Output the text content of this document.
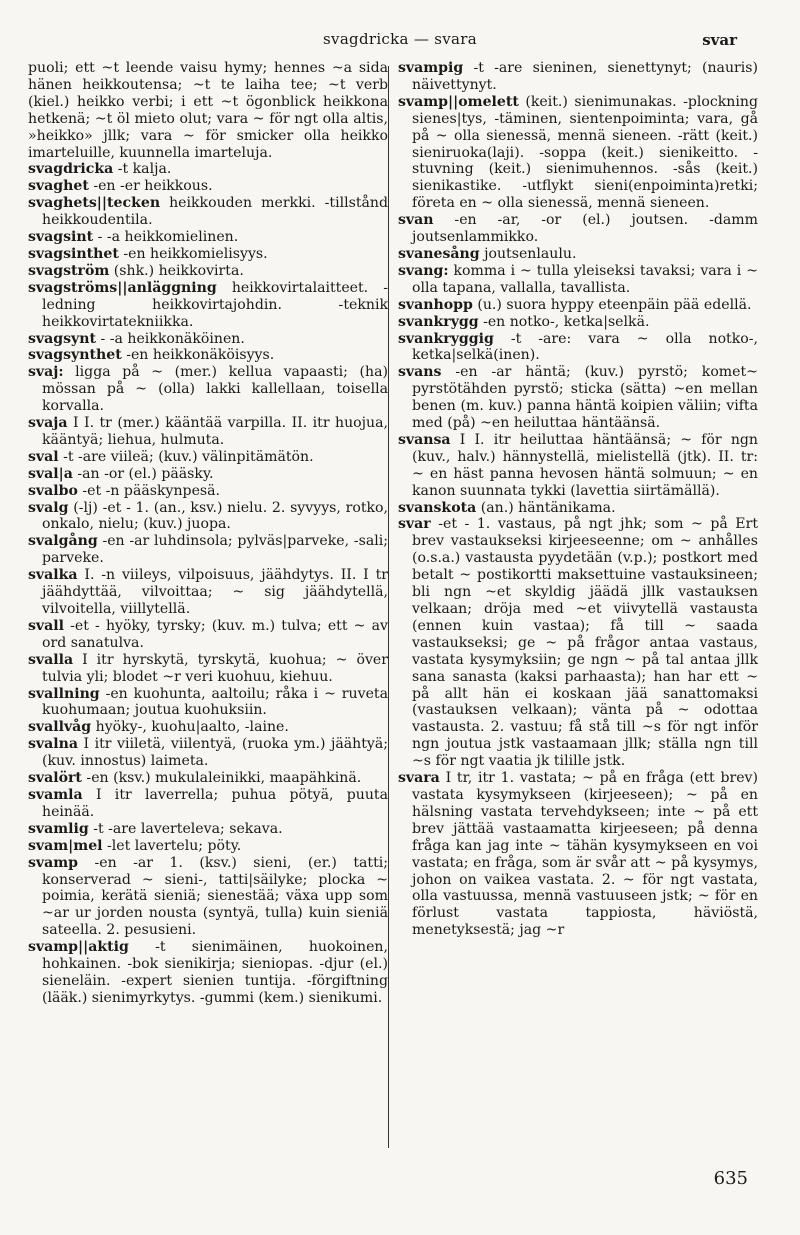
svagdricka — svara	svar

puoli; ett ~t leende vaisu hymy; hennes ~a sida hänen heikkoutensa; ~t te laiha tee; ~t verb (kiel.) heikko verbi; i ett ~t ögonblick heikkona hetkenä; ~t öl mieto olut; vara ~ för ngt olla altis, »heikko» jllk; vara ~ för smicker olla heikko imarteluille, kuunnella imarteluja.

svagdricka -t kalja.

svaghet -en -er heikkous.

svaghets||tecken heikkouden merkki. -tillstånd heikkoudentila.

svagsint - -a heikkomielinen.

svagsinthet -en heikkomielisyys.

svagström (shk.) heikkovirta.

svagströms||anläggning heikkovirtalaitteet. -ledning heikkovirtajohdin. -teknik heikkovirtatekniikka.

svagsynt - -a heikkonäköinen.

svagsynthet -en heikkonäköisyys.

svaj: ligga på ~ (mer.) kellua vapaasti; (ha) mössan på ~ (olla) lakki kallellaan, toisella korvalla.

svaja I I. tr (mer.) kääntää varpilla. II. itr huojua, kääntyä; liehua, hulmuta.

sval -t -are viileä; (kuv.) välinpitämätön.

sval|a -an -or (el.) pääsky.

svalbo -et -n pääskynpesä.

svalg (-lj) -et - 1. (an., ksv.) nielu. 2. syvyys, rotko, onkalo, nielu; (kuv.) juopa.

svalgång -en -ar luhdinsola; pylväs|parveke, -sali; parveke.

svalka I. -n viileys, vilpoisuus, jäähdytys. II. I tr jäähdyttää, vilvoittaa; ~ sig jäähdytellä, vilvoitella, viillytellä.

svall -et - hyöky, tyrsky; (kuv. m.) tulva; ett ~ av ord sanatulva.

svalla I itr hyrskytä, tyrskytä, kuohua; ~ över tulvia yli; blodet ~r veri kuohuu, kiehuu.

svallning -en kuohunta, aaltoilu; råka i ~ ruveta kuohumaan; joutua kuohuksiin.

svallvåg hyöky-, kuohu|aalto, -laine.

svalna I itr viiletä, viilentyä, (ruoka ym.) jäähtyä; (kuv. innostus) laimeta.

svalört -en (ksv.) mukulaleinikki, maapähkinä.

svamla I itr laverrella; puhua pötyä, puuta heinää.

svamlig -t -are laverteleva; sekava.

svam|mel -let lavertelu; pöty.

svamp -en -ar 1. (ksv.) sieni, (er.) tatti; konserverad ~ sieni-, tatti|säilyke; plocka ~ poimia, kerätä sieniä; sienestää; växa upp som ~ar ur jorden nousta (syntyä, tulla) kuin sieniä sateella. 2. pesusieni.

svamp||aktig -t sienimäinen, huokoinen, hohkainen. -bok sienikirja; sieniopas. -djur (el.) sieneläin. -expert sienien tuntija. -förgiftning (lääk.) sienimyrkytys. -gummi (kem.) sienikumi.

svampig -t -are sieninen, sienettynyt; (nauris) näivettynyt.

svamp||omelett (keit.) sienimunakas. -plockning sienes|tys, -täminen, sientenpoiminta; vara, gå på ~ olla sienessä, mennä sieneen. -rätt (keit.) sieniruoka(laji). -soppa (keit.) sienikeitto. -stuvning (keit.) sienimuhennos. -sås (keit.) sienikastike. -utflykt sieni(enpoiminta)retki; företa en ~ olla sienessä, mennä sieneen.

svan -en -ar, -or (el.) joutsen. -damm joutsenlammikko.

svanesång joutsenlaulu.

svang: komma i ~ tulla yleiseksi tavaksi; vara i ~ olla tapana, vallalla, tavallista.

svanhopp (u.) suora hyppy eteenpäin pää edellä.

svankrygg -en notko-, ketka|selkä.

svankryggig -t -are: vara ~ olla notko-, ketka|selkä(inen).

svans -en -ar häntä; (kuv.) pyrstö; komet~ pyrstötähden pyrstö; sticka (sätta) ~en mellan benen (m. kuv.) panna häntä koipien väliin; vifta med (på) ~en heiluttaa häntäänsä.

svansa I I. itr heiluttaa häntäänsä; ~ för ngn (kuv., halv.) hännystellä, mielistellä (jtk). II. tr: ~ en häst panna hevosen häntä solmuun; ~ en kanon suunnata tykki (lavettia siirtämällä).

svanskota (an.) häntänikama.

svar -et - 1. vastaus, på ngt jhk; som ~ på Ert brev vastaukseksi kirjeeseenne; om ~ anhålles (o.s.a.) vastausta pyydetään (v.p.); postkort med betalt ~ postikortti maksettuine vastauksineen; bli ngn ~et skyldig jäädä jllk vastauksen velkaan; dröja med ~et viivytellä vastausta (ennen kuin vastaa); få till ~ saada vastaukseksi; ge ~ på frågor antaa vastaus, vastata kysymyksiin; ge ngn ~ på tal antaa jllk sana sanasta (kaksi parhaasta); han har ett ~ på allt hän ei koskaan jää sanattomaksi (vastauksen velkaan); vänta på ~ odottaa vastausta. 2. vastuu; få stå till ~s för ngt inför ngn joutua jstk vastaamaan jllk; ställa ngn till ~s för ngt vaatia jk tilille jstk.

svara I tr, itr 1. vastata; ~ på en fråga (ett brev) vastata kysymykseen (kirjeeseen); ~ på en hälsning vastata tervehdykseen; inte ~ på ett brev jättää vastaamatta kirjeeseen; på denna fråga kan jag inte ~ tähän kysymykseen en voi vastata; en fråga, som är svår att ~ på kysymys, johon on vaikea vastata. 2. ~ för ngt vastata, olla vastuussa, mennä vastuuseen jstk; ~ för en förlust vastata tappiosta, häviöstä, menetyksestä; jag ~r

635
